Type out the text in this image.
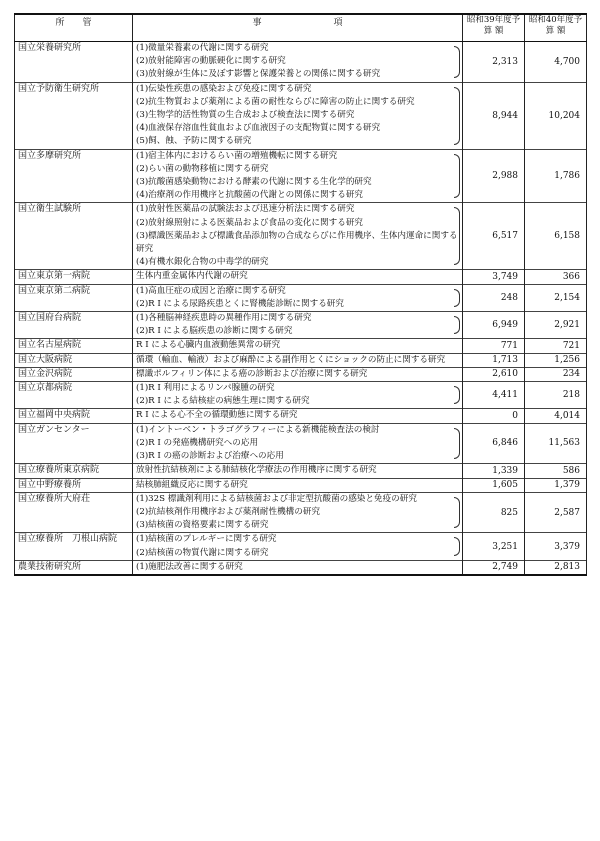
所　　管	事　　　　　　　　項	昭和39年度予 算 額	昭和40年度予 算 額
国立栄養研究所	(1)微量栄養素の代謝に関する研究
(2)放射能障害の動脈硬化に関する研究
(3)放射線が生体に及ぼす影響と保護栄養との関係に関する研究	2,313	4,700
国立予防衛生研究所	(1)伝染性疾患の感染および免疫に関する研究
(2)抗生物質および薬剤による菌の耐性ならびに障害の防止に関する研究
(3)生物学的活性物質の生合成および検査法に関する研究
(4)血液保存溶血性貧血および血液因子の支配物質に関する研究
(5)飼、蝕、予防に関する研究	8,944	10,204
国立多摩研究所	(1)宿主体内におけるらい菌の増殖機転に関する研究
(2)らい菌の動物移植に関する研究
(3)抗酸菌感染動物における酵素の代謝に関する生化学的研究
(4)治療剤の作用機序と抗酸菌の代謝との関係に関する研究	2,988	1,786
国立衛生試験所	(1)放射性医薬品の試験法および迅速分析法に関する研究
(2)放射線照射による医薬品および食品の変化に関する研究
(3)標識医薬品および標識食品添加物の合成ならびに作用機序、生体内運命に関する研究
(4)有機水銀化合物の中毒学的研究	6,517	6,158
国立東京第一病院	生体内重金属体内代謝の研究	3,749	366
国立東京第二病院	(1)高血圧症の成因と治療に関する研究
(2)R I による尿路疾患とくに腎機能診断に関する研究	248	2,154
国立国府台病院	(1)各種脳神経疾患時の異種作用に関する研究
(2)R I による脳疾患の診断に関する研究	6,949	2,921
国立名古屋病院	R I による心臓内血液動態異常の研究	771	721
国立大阪病院	循環（輸血、輸液）および麻酔による副作用とくにショックの防止に関する研究	1,713	1,256
国立金沢病院	標識ポルフィリン体による癌の診断および治療に関する研究	2,610	234
国立京都病院	(1)R I 利用によるリンパ腺腫の研究
(2)R I による結核症の病態生理に関する研究	4,411	218
国立福岡中央病院	R I による心不全の循環動態に関する研究	0	4,014
国立ガンセンター	(1)イントーベン・トラゴグラフィーによる新機能検査法の検討
(2)R I の発癌機構研究への応用
(3)R I の癌の診断および治療への応用	6,846	11,563
国立療養所東京病院	放射性抗結核剤による肺結核化学療法の作用機序に関する研究	1,339	586
国立中野療養所	結核肺組織反応に関する研究	1,605	1,379
国立療養所大府荘	(1)32S 標識剤利用による結核菌および非定型抗酸菌の感染と免疫の研究
(2)抗結核剤作用機序および薬剤耐性機構の研究
(3)結核菌の資格要素に関する研究	825	2,587
国立療養所　刀根山病院	(1)結核菌のプレルギーに関する研究
(2)結核菌の物質代謝に関する研究	3,251	3,379
農業技術研究所	(1)施肥法改善に関する研究	2,749	2,813
